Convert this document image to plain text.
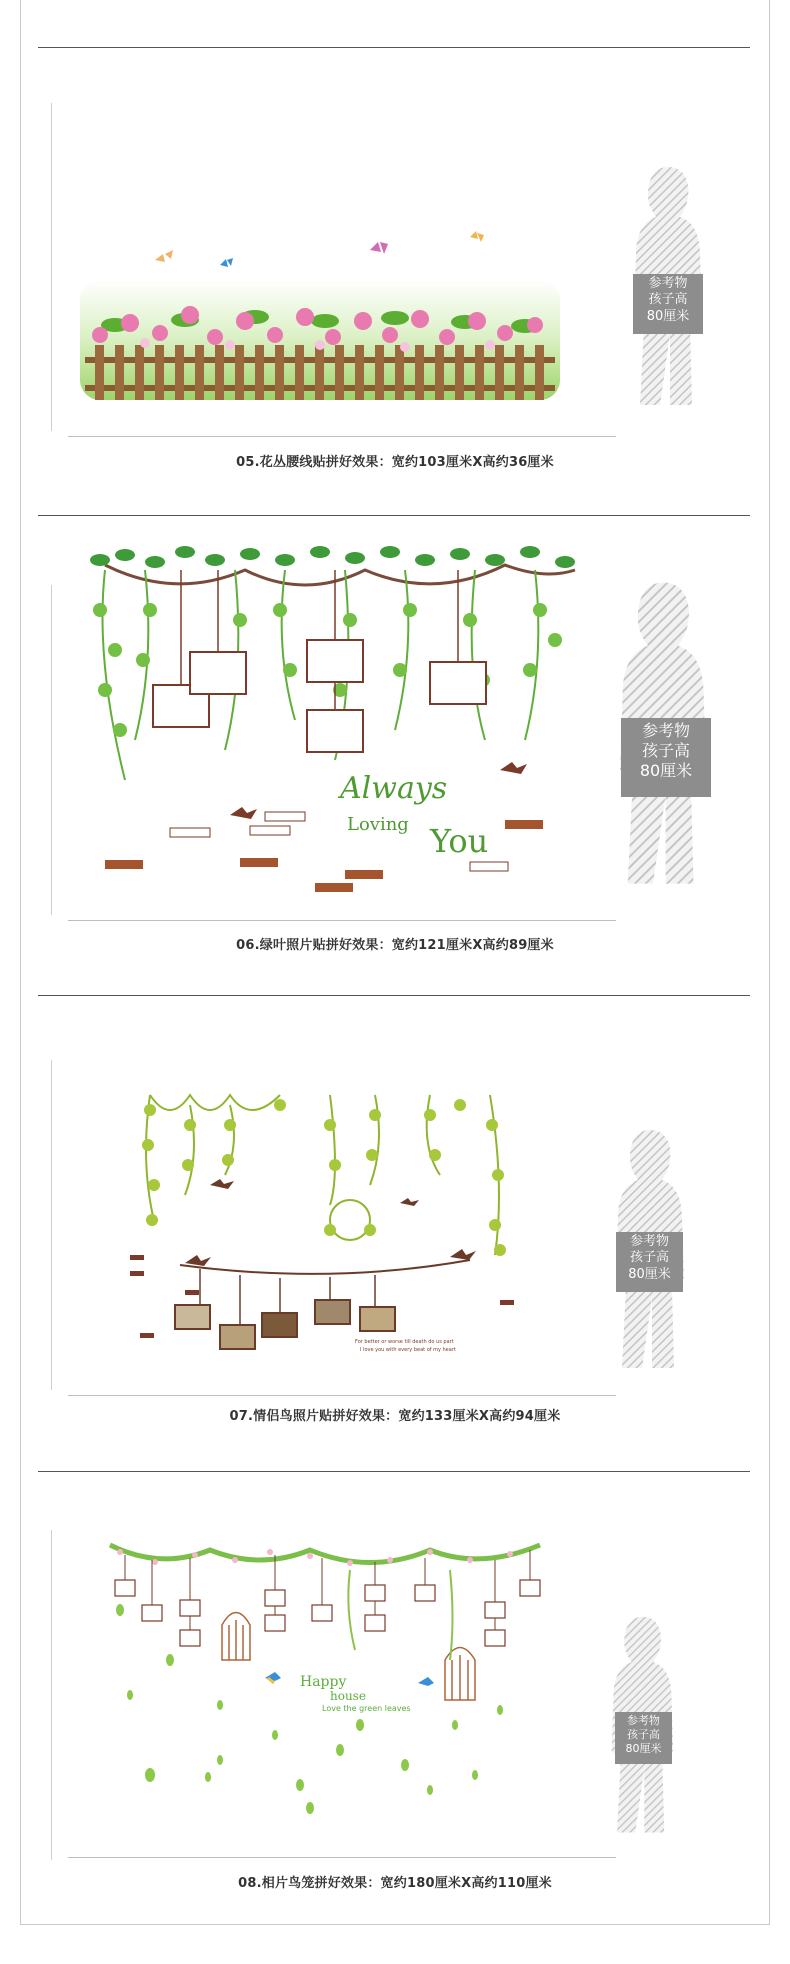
参考物
孩子高
80厘米
05.花丛腰线贴拼好效果：宽约103厘米X高约36厘米
Always
Loving You
参考物
孩子高
80厘米
06.绿叶照片贴拼好效果：宽约121厘米X高约89厘米
For better or worse till death do us part
I love you with every beat of my heart
参考物
孩子高
80厘米
07.情侣鸟照片贴拼好效果：宽约133厘米X高约94厘米
Happy
house
Love the green leaves
参考物
孩子高
80厘米
08.相片鸟笼拼好效果：宽约180厘米X高约110厘米
